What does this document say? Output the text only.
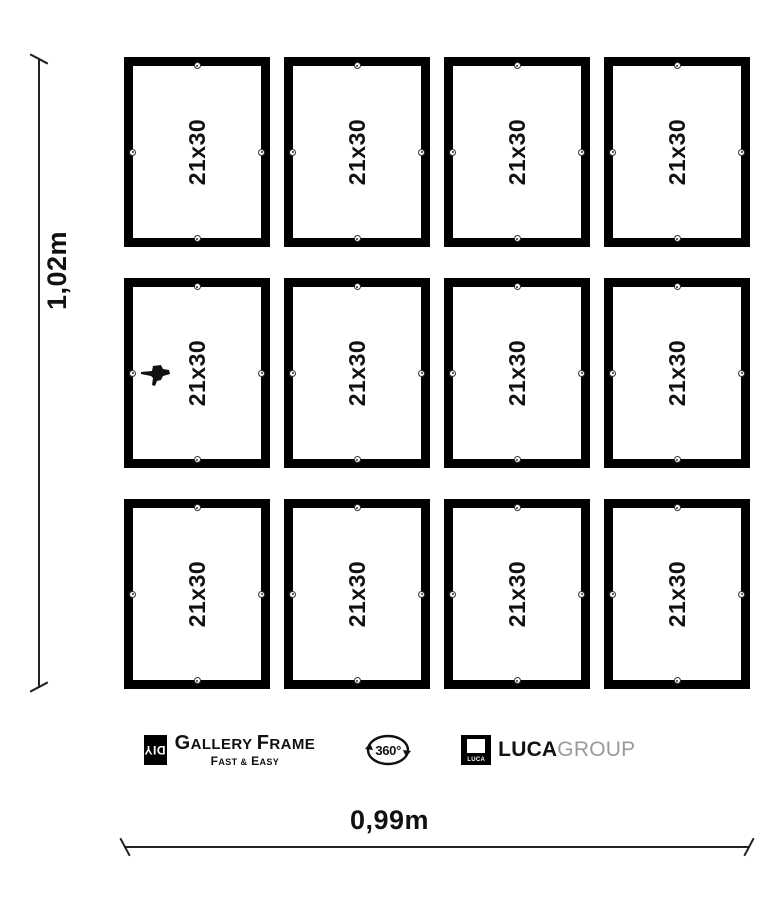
1,02m
21x30	21x30	21x30	21x30
21x30	21x30	21x30	21x30
21x30	21x30	21x30	21x30
DIY GALLERY FRAME
FAST & EASY
360°
LUCA LUCAGROUP
0,99m
